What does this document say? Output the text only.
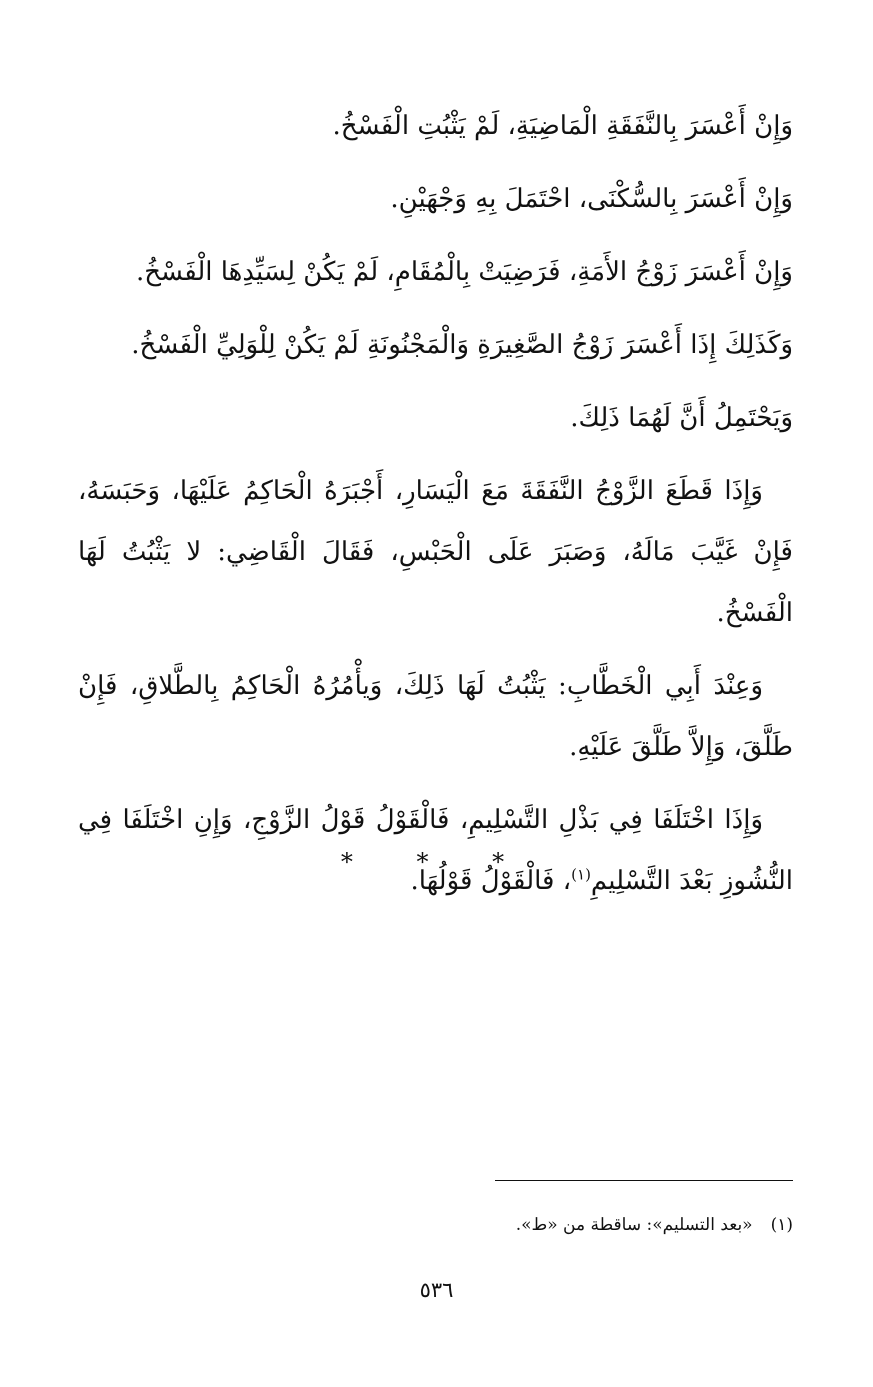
وَإِنْ أَعْسَرَ بِالنَّفَقَةِ الْمَاضِيَةِ، لَمْ يَثْبُتِ الْفَسْخُ.

وَإِنْ أَعْسَرَ بِالسُّكْنَى، احْتَمَلَ بِهِ وَجْهَيْنِ.

وَإِنْ أَعْسَرَ زَوْجُ الأَمَةِ، فَرَضِيَتْ بِالْمُقَامِ، لَمْ يَكُنْ لِسَيِّدِهَا الْفَسْخُ.

وَكَذَلِكَ إِذَا أَعْسَرَ زَوْجُ الصَّغِيرَةِ وَالْمَجْنُونَةِ لَمْ يَكُنْ لِلْوَلِيِّ الْفَسْخُ.

وَيَحْتَمِلُ أَنَّ لَهُمَا ذَلِكَ.

وَإِذَا قَطَعَ الزَّوْجُ النَّفَقَةَ مَعَ الْيَسَارِ، أَجْبَرَهُ الْحَاكِمُ عَلَيْهَا، وَحَبَسَهُ، فَإِنْ غَيَّبَ مَالَهُ، وَصَبَرَ عَلَى الْحَبْسِ، فَقَالَ الْقَاضِي: لا يَثْبُتُ لَهَا الْفَسْخُ.

وَعِنْدَ أَبِي الْخَطَّابِ: يَثْبُتُ لَهَا ذَلِكَ، وَيأْمُرُهُ الْحَاكِمُ بِالطَّلاقِ، فَإِنْ طَلَّقَ، وَإِلاَّ طَلَّقَ عَلَيْهِ.

وَإِذَا اخْتَلَفَا فِي بَذْلِ التَّسْلِيمِ، فَالْقَوْلُ قَوْلُ الزَّوْجِ، وَإِنِ اخْتَلَفَا فِي النُّشُوزِ بَعْدَ التَّسْلِيمِ$^{(١)}$، فَالْقَوْلُ قَوْلُهَا.

* * *
(١)«بعد التسليم»: ساقطة من «ط».
٥٣٦
